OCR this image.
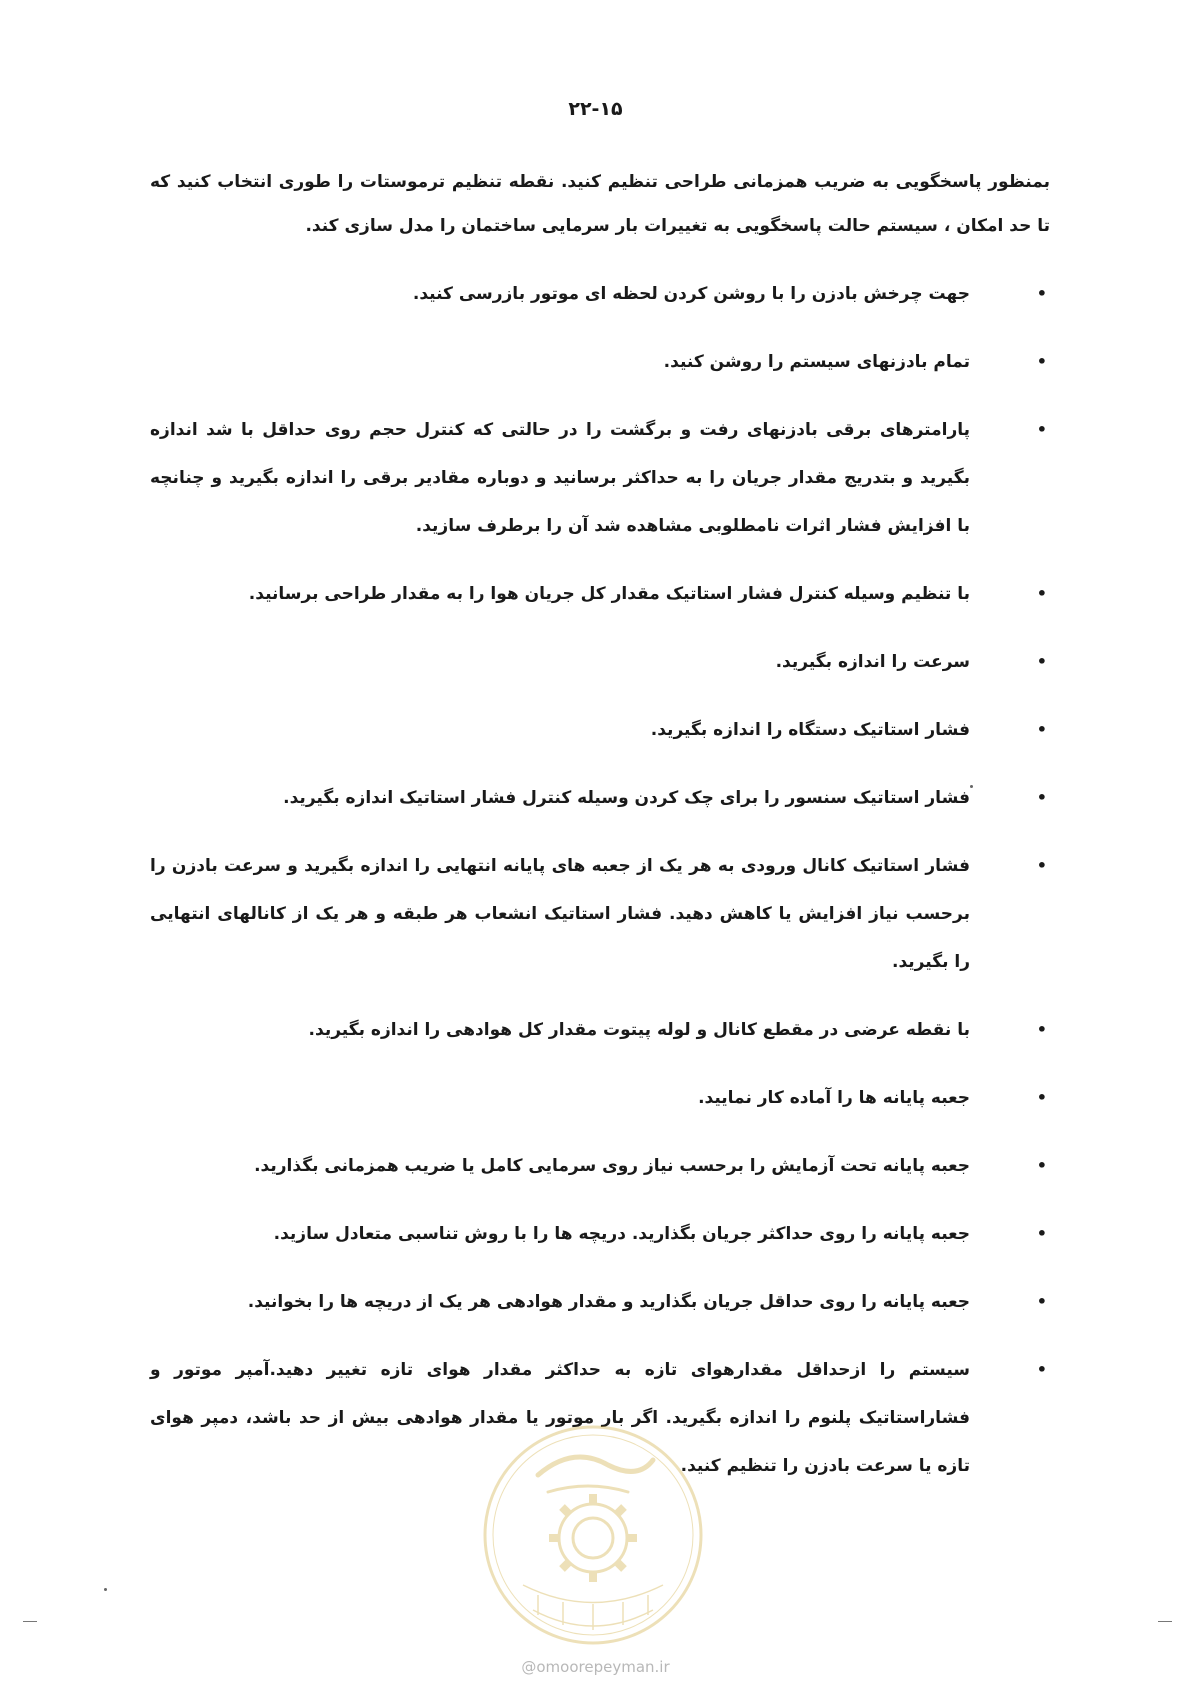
۲۲-۱۵

بمنظور پاسخگویی به ضریب همزمانی طراحی تنظیم کنید. نقطه تنظیم ترموستات را طوری انتخاب کنید که تا حد امکان ، سیستم حالت پاسخگویی به تغییرات بار سرمایی ساختمان را مدل سازی کند.

•
جهت چرخش بادزن را با روشن کردن لحظه ای موتور بازرسی کنید.
•
تمام بادزنهای سیستم را روشن کنید.
•
پارامترهای برقی بادزنهای رفت و برگشت را در حالتی که کنترل حجم روی حداقل با شد اندازه بگیرید و بتدریج مقدار جریان را به حداکثر برسانید و دوباره مقادیر برقی را اندازه بگیرید و چنانچه با افزایش فشار اثرات نامطلوبی مشاهده شد آن را برطرف سازید.
•
با تنظیم وسیله کنترل فشار استاتیک مقدار کل جریان هوا را به مقدار طراحی برسانید.
•
سرعت را اندازه بگیرید.
•
فشار استاتیک دستگاه را اندازه بگیرید.
•
فشار استاتیک سنسور را برای چک کردن وسیله کنترل فشار استاتیک اندازه بگیرید.
•
فشار استاتیک کانال ورودی به هر یک از جعبه های پایانه انتهایی را اندازه بگیرید و سرعت بادزن را برحسب نیاز افزایش یا کاهش دهید. فشار استاتیک انشعاب هر طبقه و هر یک از کانالهای انتهایی را بگیرید.
•
با نقطه عرضی در مقطع کانال و لوله پیتوت مقدار کل هوادهی را اندازه بگیرید.
•
جعبه پایانه ها را آماده کار نمایید.
•
جعبه پایانه تحت آزمایش را برحسب نیاز روی سرمایی کامل یا ضریب همزمانی بگذارید.
•
جعبه پایانه را روی حداکثر جریان بگذارید. دریچه ها را با روش تناسبی متعادل سازید.
•
جعبه پایانه را روی حداقل جریان بگذارید و مقدار هوادهی هر یک از دریچه ها را بخوانید.
•
سیستم را ازحداقل مقدارهوای تازه به حداکثر مقدار هوای تازه تغییر دهید.آمپر موتور و فشاراستاتیک پلنوم را اندازه بگیرید. اگر بار موتور یا مقدار هوادهی بیش از حد باشد، دمپر هوای تازه یا سرعت بادزن را تنظیم کنید.
@omoorepeyman.ir
